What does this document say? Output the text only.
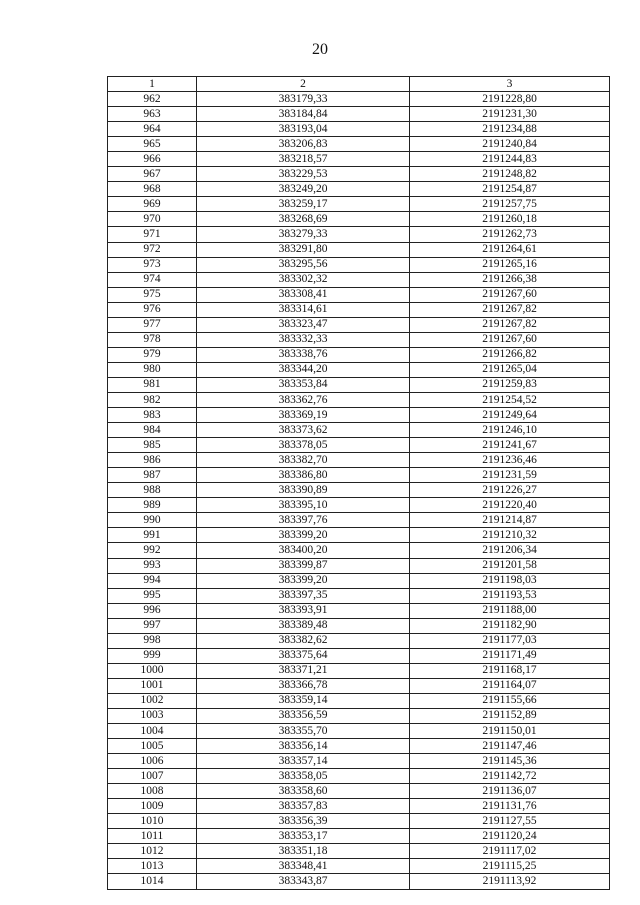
20
1	2	3
962	383179,33	2191228,80
963	383184,84	2191231,30
964	383193,04	2191234,88
965	383206,83	2191240,84
966	383218,57	2191244,83
967	383229,53	2191248,82
968	383249,20	2191254,87
969	383259,17	2191257,75
970	383268,69	2191260,18
971	383279,33	2191262,73
972	383291,80	2191264,61
973	383295,56	2191265,16
974	383302,32	2191266,38
975	383308,41	2191267,60
976	383314,61	2191267,82
977	383323,47	2191267,82
978	383332,33	2191267,60
979	383338,76	2191266,82
980	383344,20	2191265,04
981	383353,84	2191259,83
982	383362,76	2191254,52
983	383369,19	2191249,64
984	383373,62	2191246,10
985	383378,05	2191241,67
986	383382,70	2191236,46
987	383386,80	2191231,59
988	383390,89	2191226,27
989	383395,10	2191220,40
990	383397,76	2191214,87
991	383399,20	2191210,32
992	383400,20	2191206,34
993	383399,87	2191201,58
994	383399,20	2191198,03
995	383397,35	2191193,53
996	383393,91	2191188,00
997	383389,48	2191182,90
998	383382,62	2191177,03
999	383375,64	2191171,49
1000	383371,21	2191168,17
1001	383366,78	2191164,07
1002	383359,14	2191155,66
1003	383356,59	2191152,89
1004	383355,70	2191150,01
1005	383356,14	2191147,46
1006	383357,14	2191145,36
1007	383358,05	2191142,72
1008	383358,60	2191136,07
1009	383357,83	2191131,76
1010	383356,39	2191127,55
1011	383353,17	2191120,24
1012	383351,18	2191117,02
1013	383348,41	2191115,25
1014	383343,87	2191113,92
